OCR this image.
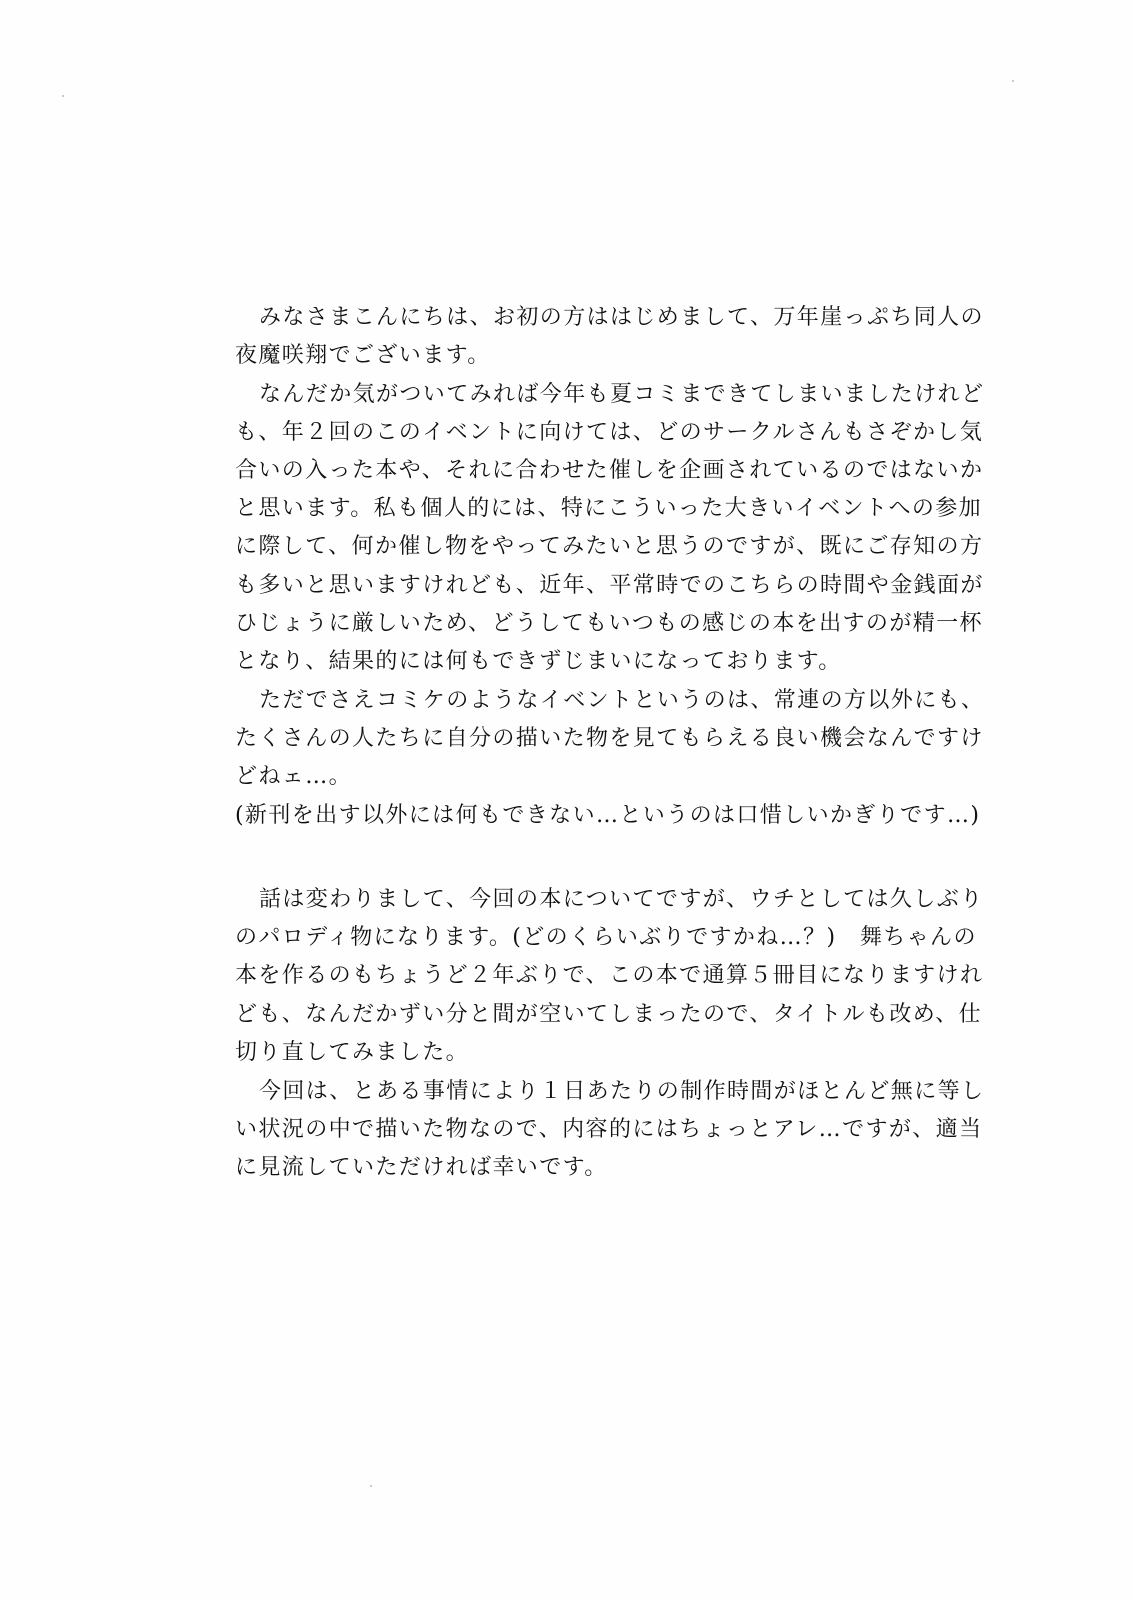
みなさまこんにちは、お初の方ははじめまして、万年崖っぷち同人の
夜魔咲翔でございます。
なんだか気がついてみれば今年も夏コミまできてしまいましたけれど
も、年２回のこのイベントに向けては、どのサークルさんもさぞかし気
合いの入った本や、それに合わせた催しを企画されているのではないか
と思います。私も個人的には、特にこういった大きいイベントへの参加
に際して、何か催し物をやってみたいと思うのですが、既にご存知の方
も多いと思いますけれども、近年、平常時でのこちらの時間や金銭面が
ひじょうに厳しいため、どうしてもいつもの感じの本を出すのが精一杯
となり、結果的には何もできずじまいになっております。
ただでさえコミケのようなイベントというのは、常連の方以外にも、
たくさんの人たちに自分の描いた物を見てもらえる良い機会なんですけ
どねェ…。
(新刊を出す以外には何もできない…というのは口惜しいかぎりです…)
話は変わりまして、今回の本についてですが、ウチとしては久しぶり
のパロディ物になります。(どのくらいぶりですかね…？)　舞ちゃんの
本を作るのもちょうど２年ぶりで、この本で通算５冊目になりますけれ
ども、なんだかずい分と間が空いてしまったので、タイトルも改め、仕
切り直してみました。
今回は、とある事情により１日あたりの制作時間がほとんど無に等し
い状況の中で描いた物なので、内容的にはちょっとアレ…ですが、適当
に見流していただければ幸いです。
